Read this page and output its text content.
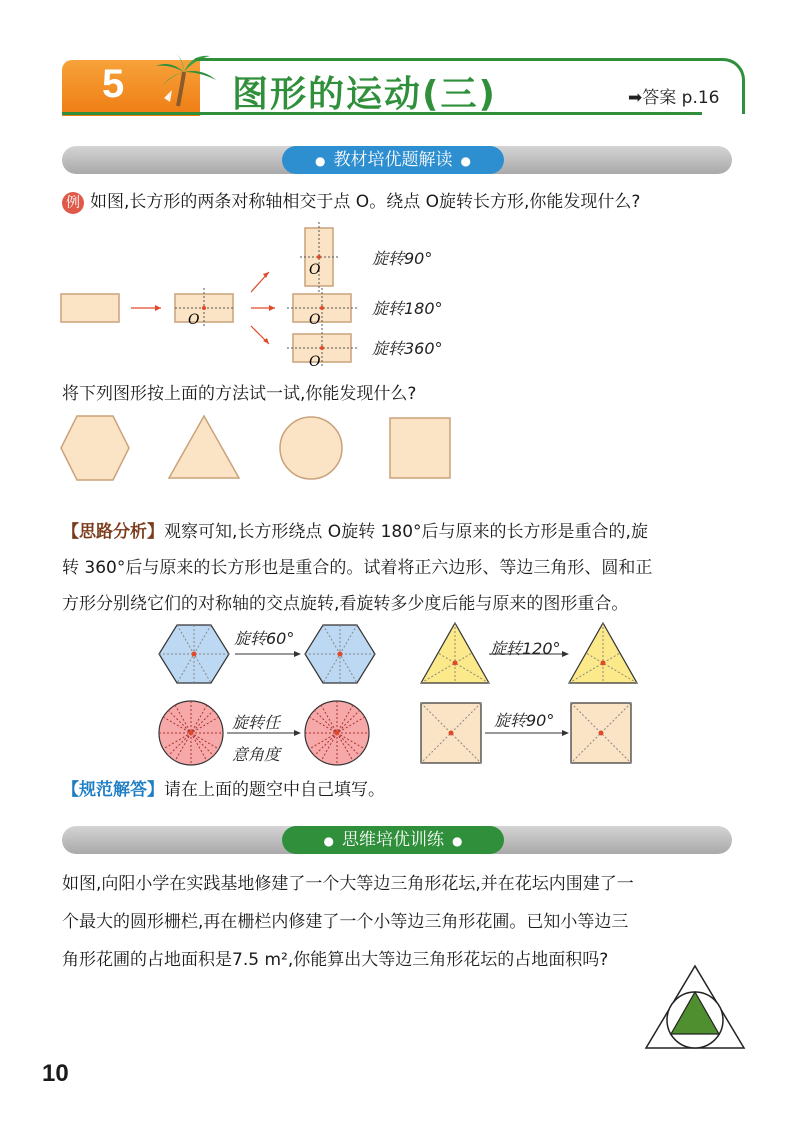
5	图形的运动(三)	➡答案 p.16
● 教材培优题解读 ●
例 如图,长方形的两条对称轴相交于点 O。绕点 O旋转长方形,你能发现什么?
O
O
O
O
旋转90°
旋转180°
旋转360°
将下列图形按上面的方法试一试,你能发现什么?
【思路分析】观察可知,长方形绕点 O旋转 180°后与原来的长方形是重合的,旋
转 360°后与原来的长方形也是重合的。试着将正六边形、等边三角形、圆和正
方形分别绕它们的对称轴的交点旋转,看旋转多少度后能与原来的图形重合。
旋转60°
旋转120°
旋转任
意角度
旋转90°
【规范解答】请在上面的题空中自己填写。
● 思维培优训练 ●
如图,向阳小学在实践基地修建了一个大等边三角形花坛,并在花坛内围建了一
个最大的圆形栅栏,再在栅栏内修建了一个小等边三角形花圃。已知小等边三
角形花圃的占地面积是7.5 m²,你能算出大等边三角形花坛的占地面积吗?
10
